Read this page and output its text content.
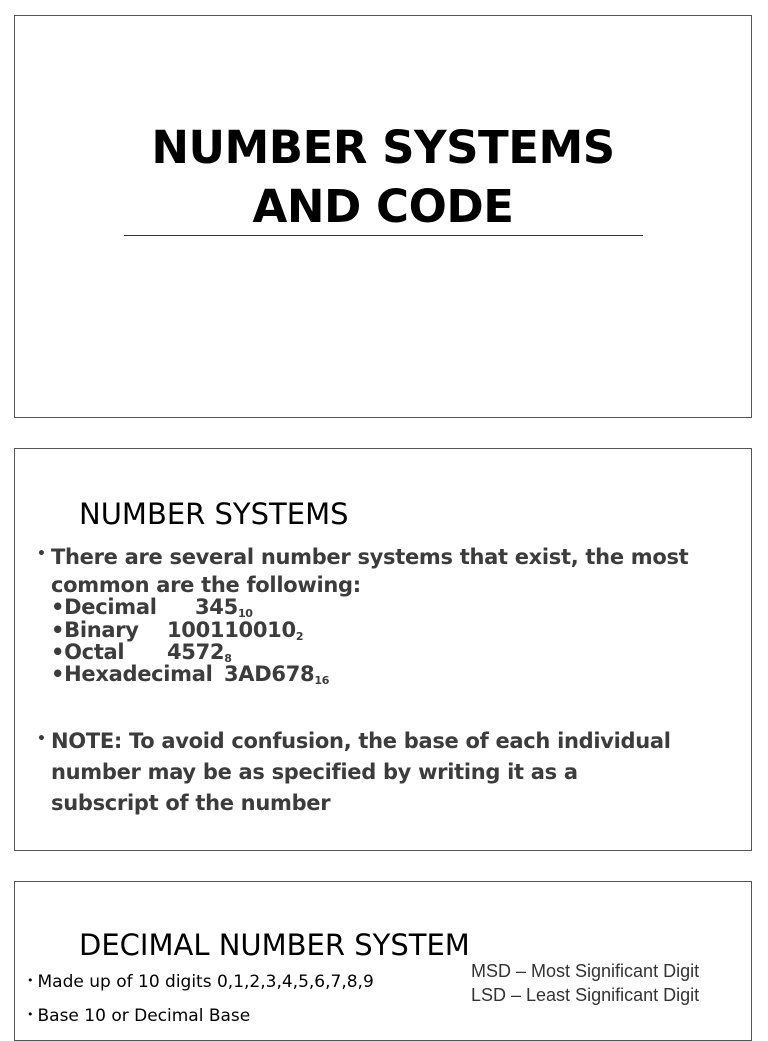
NUMBER SYSTEMS
AND CODE
NUMBER SYSTEMS
• There are several number systems that exist, the most common are the following:
•Decimal $345_{10}$
•Binary $100110010_2$
•Octal $4572_8$
•Hexadecimal $3AD678_{16}$
• NOTE: To avoid confusion, the base of each individual number may be as specified by writing it as a subscript of the number
DECIMAL NUMBER SYSTEM
• Made up of 10 digits 0,1,2,3,4,5,6,7,8,9
• Base 10 or Decimal Base
MSD – Most Significant Digit
LSD – Least Significant Digit
